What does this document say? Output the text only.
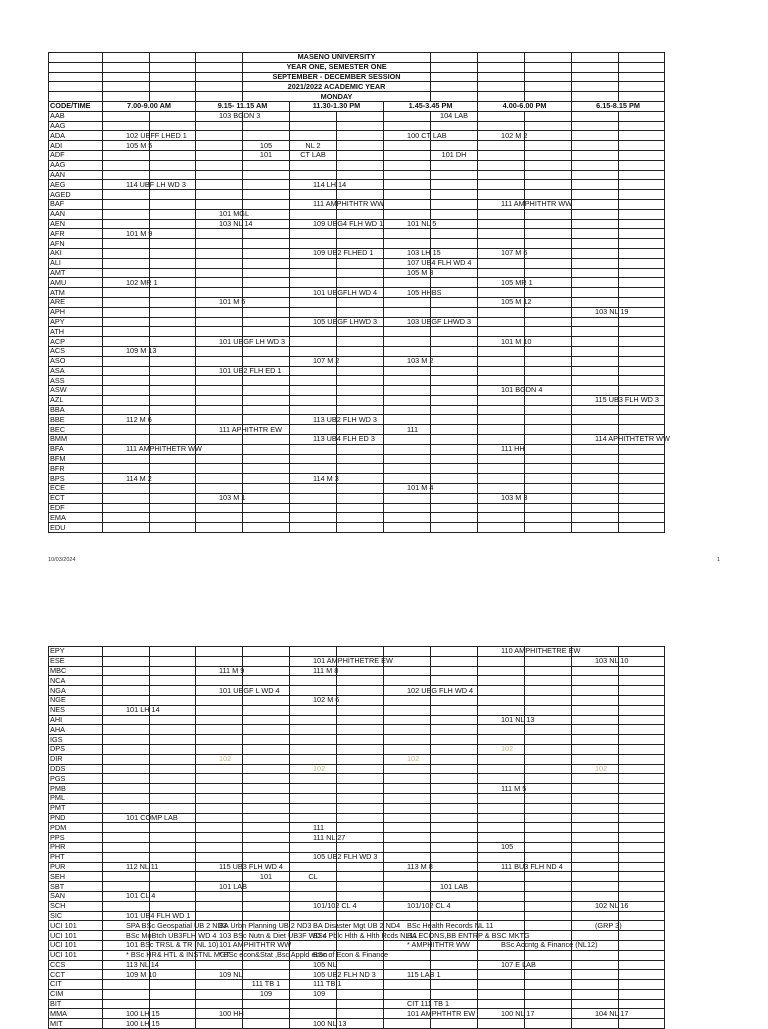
				MASENO UNIVERSITY								
				YEAR ONE, SEMESTER ONE								
				SEPTEMBER - DECEMBER SESSION								
				2021/2022 ACADEMIC YEAR								
				MONDAY								
CODE/TIME	7.00-9.00 AM		9.15- 11.15 AM		11.30-1.30 PM		1.45-3.45 PM		4.00-6.00 PM		6.15-8.15 PM	
AAB			103 BGDN 3					104 LAB				
AAG												
ADA	102 UBFF LHED 1						100 CT LAB		102 M 2			
ADI	105 M 5			105	NL 2							
ADF				101	CT LAB			101 DH				
AAG												
AAN												
AEG	114 UBF LH WD 3				114 LH 14							
AGED												
BAF					111 AMPHITHTR WW				111 AMPHITHTR WW			
AAN			101 MGL									
AEN			103 NL 14		109 UBG4 FLH WD 1		101 NL 5					
AFR	101 M 9											
AFN												
AKI					109 UB2 FLHED 1		103 LH 15		107 M 6			
ALI							107 UB4 FLH WD 4					
AMT							105 M 3					
AMU	102 MR 1								105 MR 1			
ATM					101 UBGFLH WD 4		105 HHBS					
ARE			101 M 5						105 M 12			
APH											103 NL 19	
APY					105 UBGF LHWD 3		103 UBGF LHWD 3					
ATH												
ACP			101 UBGF LH WD 3						101 M 10			
ACS	109 M 13											
ASO					107 M 2		103 M 2					
ASA			101 UB2 FLH ED 1									
ASS												
ASW									101 BGDN 4			
AZL											115 UB3 FLH WD 3	
BBA												
BBE	112 M 6				113 UB2 FLH WD 3							
BEC			111 APHITHTR EW				111					
BMM					113 UB4 FLH ED 3						114 APHITHTETR WW	
BFA	111 AMPHITHETR WW								111 HH			
BFM												
BFR												
BPS	114 M 2				114 M 3							
ECE							101 M 4					
ECT			103 M 1						103 M 3			
EDF												
EMA												
EDU												
10/03/2024	1
EPY									110 AMPHITHETRE EW			
ESE					101 AMPHITHETRE EW						103 NL 10	
MBC			111 M 9		111 M 8							
NCA												
NGA			101 UBGF L WD 4				102 UBG FLH WD 4					
NGE					102 M 6							
NES	101 LH 14											
AHI									101 NL 13			
AHA												
IGS												
DPS									102			
DIR			102				102					
DDS					102						102	
PGS												
PMB									111 M 5			
PML												
PMT												
PND	101 COMP LAB											
PDM					111							
PPS					111 NL 27							
PHR									105			
PHT					105 UB2 FLH WD 3							
PUR	112 NL 11		115 UB3 FLH WD 4				113 M 8		111 BU3 FLH ND 4			
SEH				101	CL							
SBT			101 LAB					101 LAB				
SAN	101 CL 4											
SCH					101/102 CL 4		101/102 CL 4				102 NL 16	
SIC	101 UB4 FLH WD 1											
UCI 101	SPA BSc Geospatial UB 2 ND3		BA Urbn Planning UB 2 ND3		BA Disaster Mgt UB 2 ND4		BSc Health Records NL 11				(GRP 3)	
UCI 101	BSc MoBtch UB3FLH WD 4		103 BSc Nutn & Diet UB3F WD 4		BSc Pblc Hlth & Hlth Rcds NL11		BA ECONS,BB ENTRP & BSC MKTG					
UCI 101	101 BSc TRSL & TR (NL 10)		101 AMPHITHTR WW				* AMPHITHTR WW		BSc Accntg & Finance (NL12)			
UCI 101	* BSc HR& HTL & INSTNL MGT		* BSc econ&Stat ,Bsc Appld econ		BSc of Econ & Finance							
CCS	113 NL 14				105 NL				107 E LAB			
CCT	109 M 10		109 NL		105 UB2 FLH ND 3		115 LAB 1					
CIT				111 TB 1	111 TB 1							
CIM				109	109							
BIT							CIT 111 TB 1					
MMA	100 LH 15		100 HH				101 AMPHTHTR EW		100 NL 17		104 NL 17	
MIT	100 LH 15				100 NL 13							
